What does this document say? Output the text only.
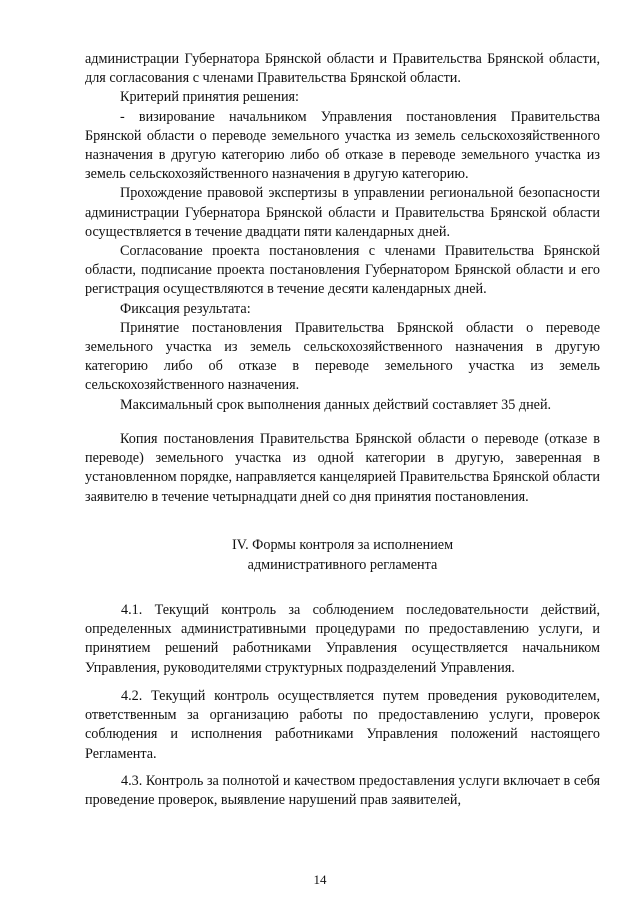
администрации Губернатора Брянской области и Правительства Брянской области, для согласования с членами Правительства Брянской области.

Критерий принятия решения:

- визирование начальником Управления постановления Правительства Брянской области о переводе земельного участка из земель сельскохозяйственного назначения в другую категорию либо об отказе в переводе земельного участка из земель сельскохозяйственного назначения в другую категорию.

Прохождение правовой экспертизы в управлении региональной безопасности администрации Губернатора Брянской области и Правительства Брянской области осуществляется в течение двадцати пяти календарных дней.

Согласование проекта постановления с членами Правительства Брянской области, подписание проекта постановления Губернатором Брянской области и его регистрация осуществляются в течение десяти календарных дней.

Фиксация результата:

Принятие постановления Правительства Брянской области о переводе земельного участка из земель сельскохозяйственного назначения в другую категорию либо об отказе в переводе земельного участка из земель сельскохозяйственного назначения.

Максимальный срок выполнения данных действий составляет 35 дней.

Копия постановления Правительства Брянской области о переводе (отказе в переводе) земельного участка из одной категории в другую, заверенная в установленном порядке, направляется канцелярией Правительства Брянской области заявителю в течение четырнадцати дней со дня принятия постановления.

IV. Формы контроля за исполнением
административного регламента

4.1. Текущий контроль за соблюдением последовательности действий, определенных административными процедурами по предоставлению услуги, и принятием решений работниками Управления осуществляется начальником Управления, руководителями структурных подразделений Управления.

4.2. Текущий контроль осуществляется путем проведения руководителем, ответственным за организацию работы по предоставлению услуги, проверок соблюдения и исполнения работниками Управления положений настоящего Регламента.

4.3. Контроль за полнотой и качеством предоставления услуги включает в себя проведение проверок, выявление нарушений прав заявителей,

14
